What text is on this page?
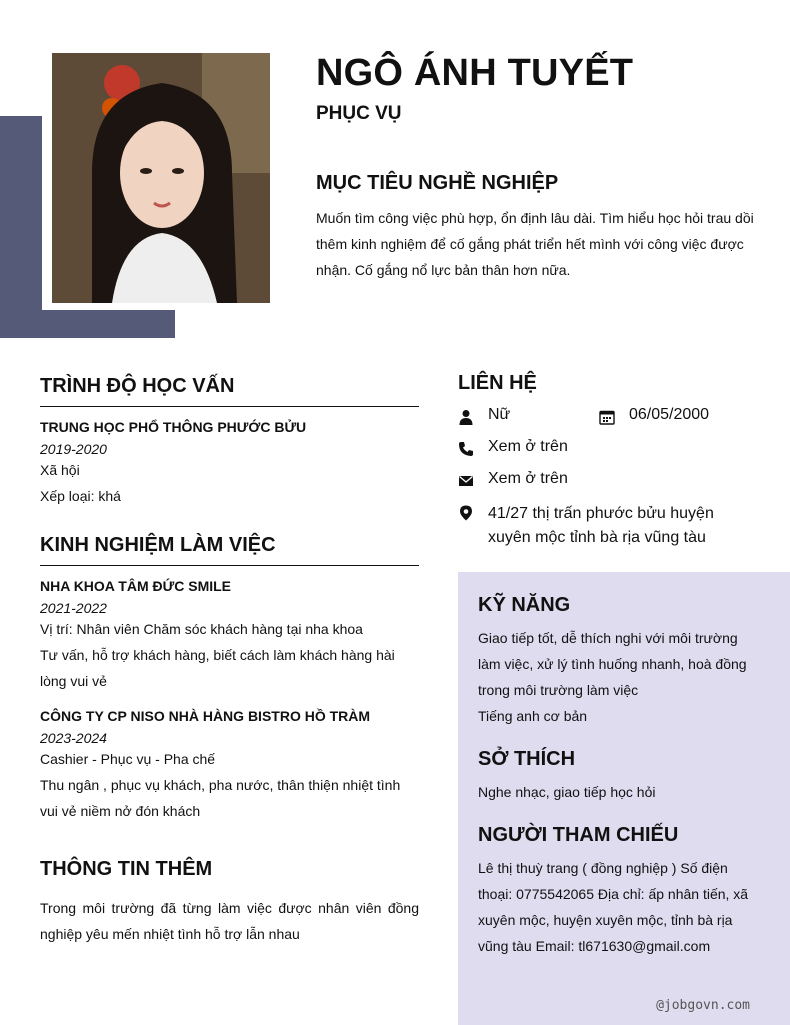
NGÔ ÁNH TUYẾT
PHỤC VỤ
MỤC TIÊU NGHỀ NGHIỆP

Muốn tìm công việc phù hợp, ổn định lâu dài. Tìm hiểu học hỏi trau dồi thêm kinh nghiệm để cố gắng phát triển hết mình với công việc được nhận. Cố gắng nổ lực bản thân hơn nữa.

TRÌNH ĐỘ HỌC VẤN

TRUNG HỌC PHỔ THÔNG PHƯỚC BỬU

2019-2020

Xã hội

Xếp loại: khá

KINH NGHIỆM LÀM VIỆC

NHA KHOA TÂM ĐỨC SMILE

2021-2022

Vị trí: Nhân viên Chăm sóc khách hàng tại nha khoa

Tư vấn, hỗ trợ khách hàng, biết cách làm khách hàng hài lòng vui vẻ

CÔNG TY CP NISO NHÀ HÀNG BISTRO HỒ TRÀM

2023-2024

Cashier - Phục vụ - Pha chế

Thu ngân , phục vụ khách, pha nước, thân thiện nhiệt tình vui vẻ niềm nở đón khách

THÔNG TIN THÊM

Trong môi trường đã từng làm việc được nhân viên đồng nghiệp yêu mến nhiệt tình hỗ trợ lẫn nhau

LIÊN HỆ
Nữ	06/05/2000
Xem ở trên
Xem ở trên
41/27 thị trấn phước bửu huyện xuyên mộc tỉnh bà rịa vũng tàu
KỸ NĂNG

Giao tiếp tốt, dễ thích nghi với môi trường làm việc, xử lý tình huống nhanh, hoà đồng trong môi trường làm việc

Tiếng anh cơ bản

SỞ THÍCH

Nghe nhạc, giao tiếp học hỏi

NGƯỜI THAM CHIẾU

Lê thị thuỳ trang ( đồng nghiệp ) Số điện thoại: 0775542065 Địa chỉ: ấp nhân tiến, xã xuyên mộc, huyện xuyên mộc, tỉnh bà rịa vũng tàu Email: tl671630@gmail.com

@jobgovn.com
